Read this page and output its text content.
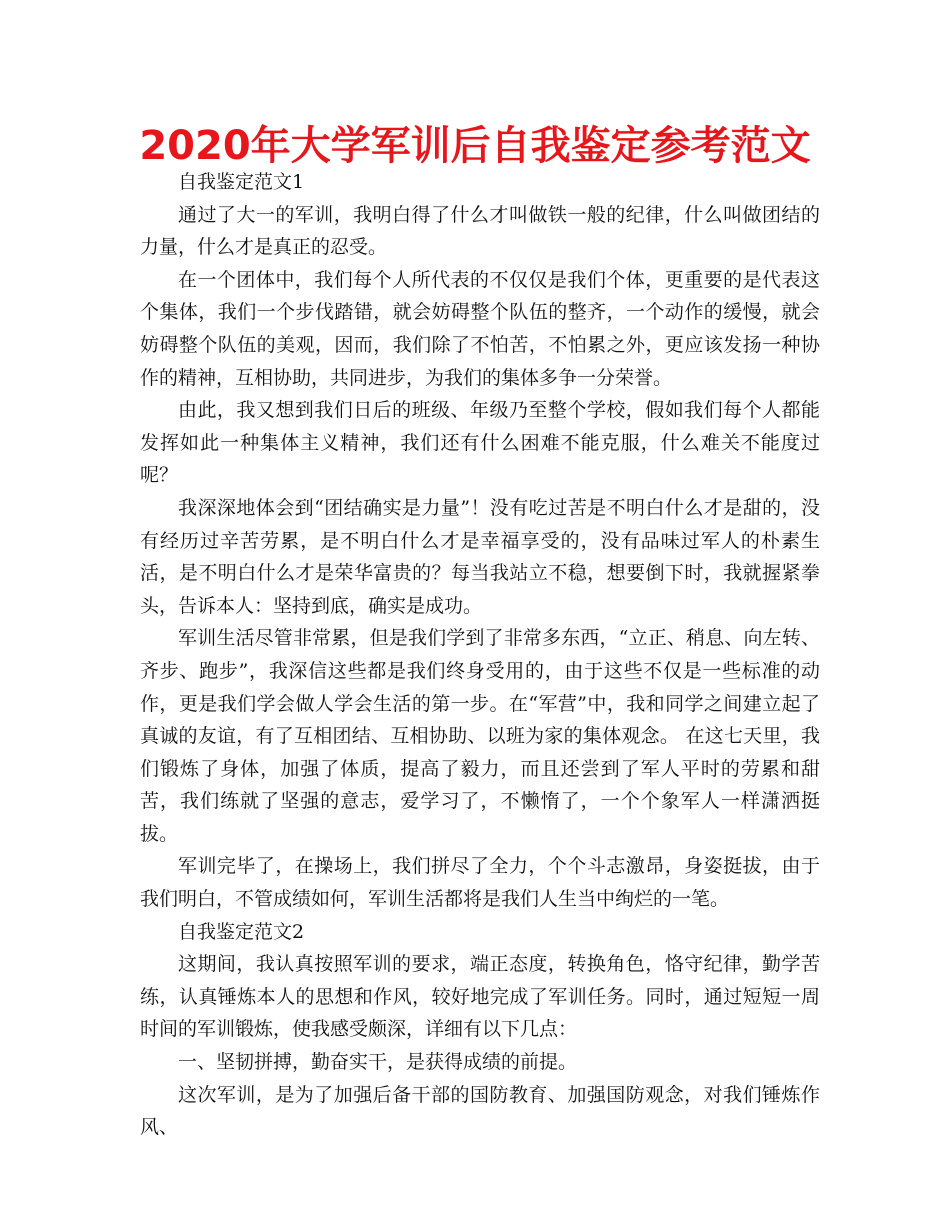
2020年大学军训后自我鉴定参考范文

自我鉴定范文1

通过了大一的军训，我明白得了什么才叫做铁一般的纪律，什么叫做团结的力量，什么才是真正的忍受。

在一个团体中，我们每个人所代表的不仅仅是我们个体，更重要的是代表这个集体，我们一个步伐踏错，就会妨碍整个队伍的整齐，一个动作的缓慢，就会妨碍整个队伍的美观，因而，我们除了不怕苦，不怕累之外，更应该发扬一种协作的精神，互相协助，共同进步，为我们的集体多争一分荣誉。

由此，我又想到我们日后的班级、年级乃至整个学校，假如我们每个人都能发挥如此一种集体主义精神，我们还有什么困难不能克服，什么难关不能度过呢？

我深深地体会到“团结确实是力量”！没有吃过苦是不明白什么才是甜的，没有经历过辛苦劳累，是不明白什么才是幸福享受的，没有品味过军人的朴素生活，是不明白什么才是荣华富贵的？每当我站立不稳，想要倒下时，我就握紧拳头，告诉本人：坚持到底，确实是成功。

军训生活尽管非常累，但是我们学到了非常多东西，“立正、稍息、向左转、齐步、跑步”，我深信这些都是我们终身受用的，由于这些不仅是一些标准的动作，更是我们学会做人学会生活的第一步。在“军营”中，我和同学之间建立起了真诚的友谊，有了互相团结、互相协助、以班为家的集体观念。 在这七天里，我们锻炼了身体，加强了体质，提高了毅力，而且还尝到了军人平时的劳累和甜苦，我们练就了坚强的意志，爱学习了，不懒惰了，一个个象军人一样潇洒挺拔。

军训完毕了，在操场上，我们拼尽了全力，个个斗志激昂，身姿挺拔，由于我们明白，不管成绩如何，军训生活都将是我们人生当中绚烂的一笔。

自我鉴定范文2

这期间，我认真按照军训的要求，端正态度，转换角色，恪守纪律，勤学苦练，认真锤炼本人的思想和作风，较好地完成了军训任务。同时，通过短短一周时间的军训锻炼，使我感受颇深，详细有以下几点：

一、坚韧拼搏，勤奋实干，是获得成绩的前提。

这次军训，是为了加强后备干部的国防教育、加强国防观念，对我们锤炼作风、
